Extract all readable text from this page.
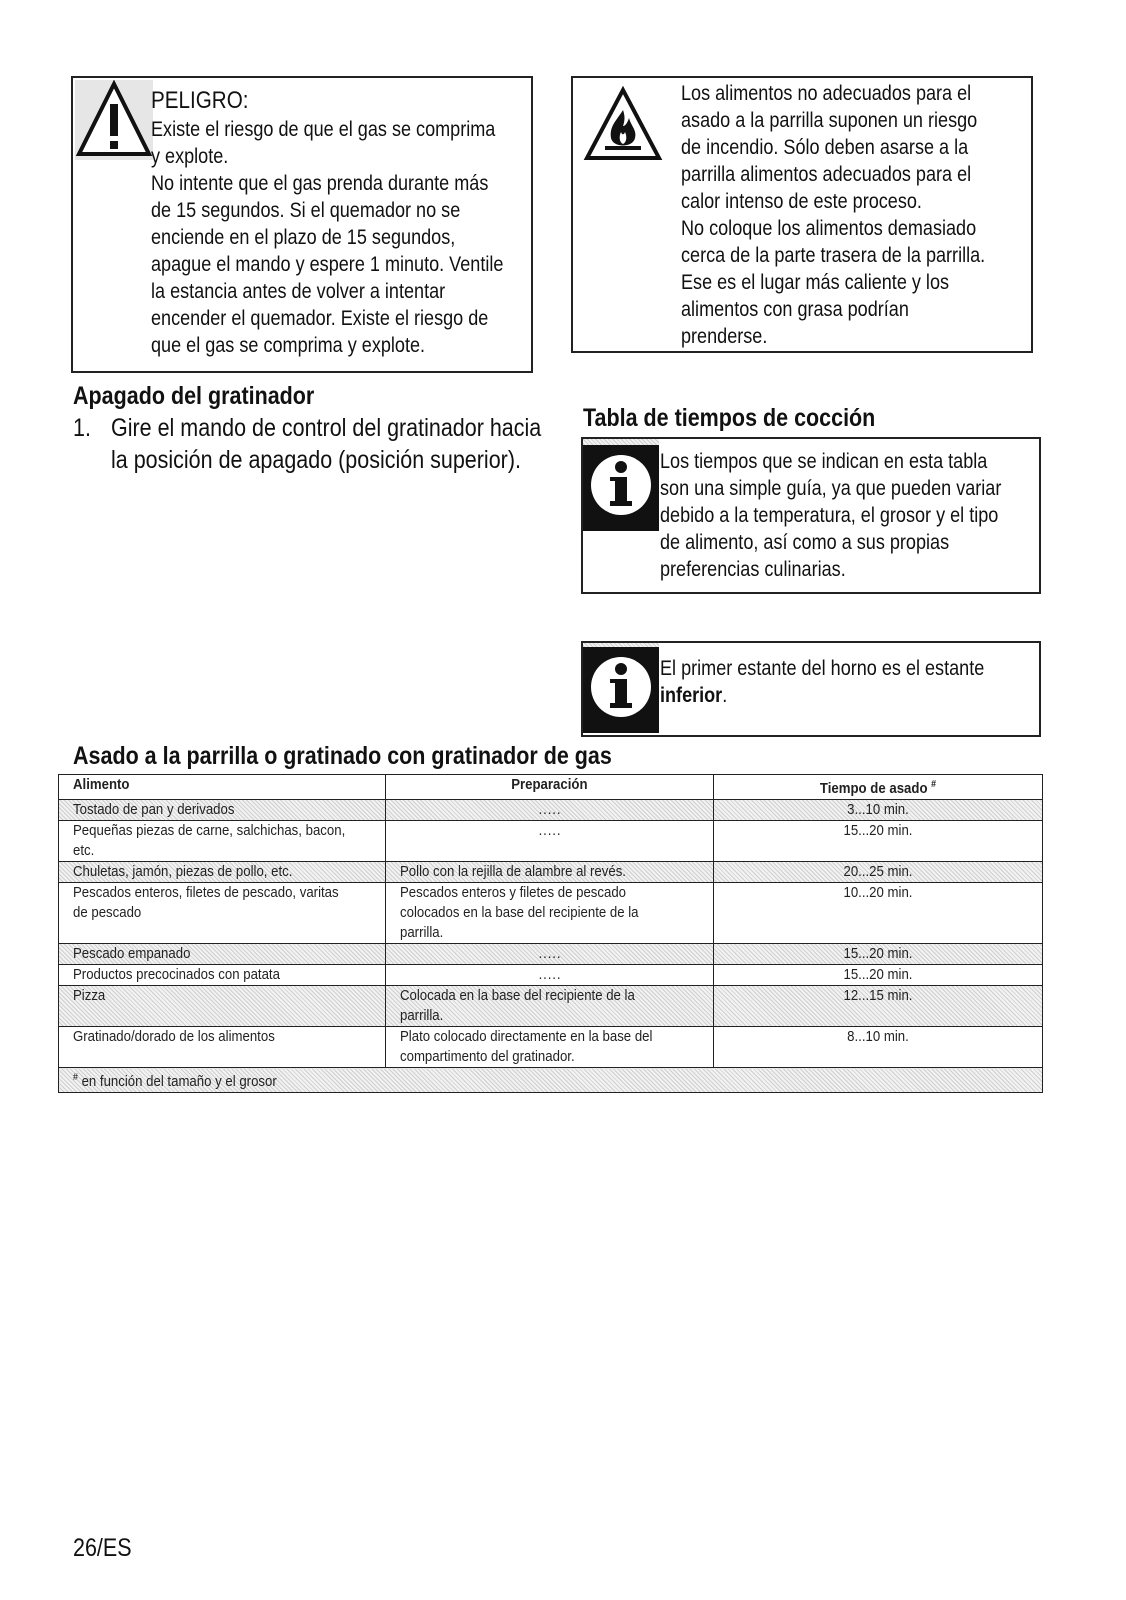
PELIGRO:
Existe el riesgo de que el gas se comprima
y explote.
No intente que el gas prenda durante más
de 15 segundos. Si el quemador no se
enciende en el plazo de 15 segundos,
apague el mando y espere 1 minuto. Ventile
la estancia antes de volver a intentar
encender el quemador. Existe el riesgo de
que el gas se comprima y explote.
Los alimentos no adecuados para el
asado a la parrilla suponen un riesgo
de incendio. Sólo deben asarse a la
parrilla alimentos adecuados para el
calor intenso de este proceso.
No coloque los alimentos demasiado
cerca de la parte trasera de la parrilla.
Ese es el lugar más caliente y los
alimentos con grasa podrían
prenderse.
Apagado del gratinador
1. Gire el mando de control del gratinador hacia
la posición de apagado (posición superior).
Tabla de tiempos de cocción
Los tiempos que se indican en esta tabla
son una simple guía, ya que pueden variar
debido a la temperatura, el grosor y el tipo
de alimento, así como a sus propias
preferencias culinarias.
El primer estante del horno es el estante
inferior.
Asado a la parrilla o gratinado con gratinador de gas
Alimento	Preparación	Tiempo de asado #
Tostado de pan y derivados	.....	3...10 min.
Pequeñas piezas de carne, salchichas, bacon, etc.	.....	15...20 min.
Chuletas, jamón, piezas de pollo, etc.	Pollo con la rejilla de alambre al revés.	20...25 min.
Pescados enteros, filetes de pescado, varitas de pescado	Pescados enteros y filetes de pescado colocados en la base del recipiente de la parrilla.	10...20 min.
Pescado empanado	.....	15...20 min.
Productos precocinados con patata	.....	15...20 min.
Pizza	Colocada en la base del recipiente de la parrilla.	12...15 min.
Gratinado/dorado de los alimentos	Plato colocado directamente en la base del compartimento del gratinador.	8...10 min.
# en función del tamaño y el grosor		
26/ES
